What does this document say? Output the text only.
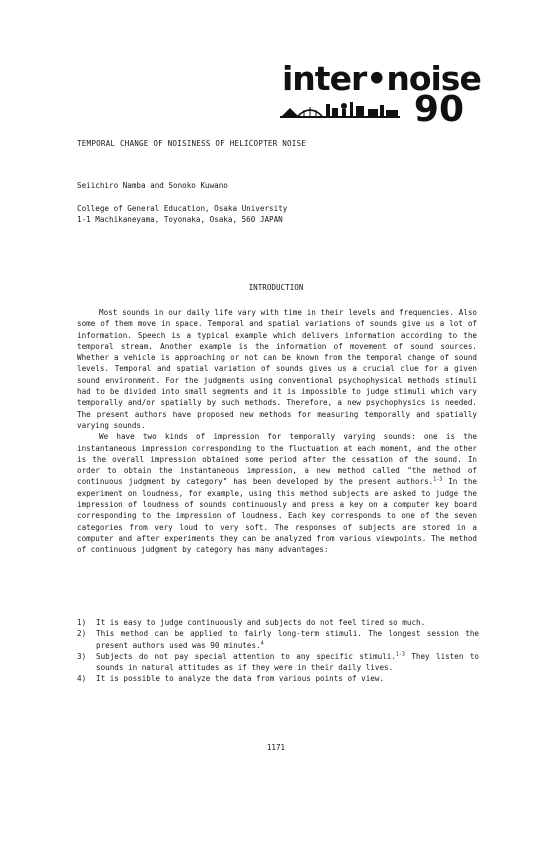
inter•noise
90
TEMPORAL CHANGE OF NOISINESS OF HELICOPTER NOISE
Seiichiro Namba and Sonoko Kuwano
College of General Education, Osaka University
1-1 Machikaneyama, Toyonaka, Osaka, 560 JAPAN
INTRODUCTION

Most sounds in our daily life vary with time in their levels and frequencies. Also some of them move in space. Temporal and spatial variations of sounds give us a lot of information. Speech is a typical example which delivers information according to the temporal stream. Another example is the information of movement of sound sources. Whether a vehicle is approaching or not can be known from the temporal change of sound levels. Temporal and spatial variation of sounds gives us a crucial clue for a given sound environment. For the judgments using conventional psychophysical methods stimuli had to be divided into small segments and it is impossible to judge stimuli which vary temporally and/or spatially by such methods. Therefore, a new psychophysics is needed. The present authors have proposed new methods for measuring temporally and spatially varying sounds.

We have two kinds of impression for temporally varying sounds: one is the instantaneous impression corresponding to the fluctuation at each moment, and the other is the overall impression obtained some period after the cessation of the sound. In order to obtain the instantaneous impression, a new method called "the method of continuous judgment by category" has been developed by the present authors.$^{1-3}$ In the experiment on loudness, for example, using this method subjects are asked to judge the impression of loudness of sounds continuously and press a key on a computer key board corresponding to the impression of loudness. Each key corresponds to one of the seven categories from very loud to very soft. The responses of subjects are stored in a computer and after experiments they can be analyzed from various viewpoints. The method of continuous judgment by category has many advantages:

1) It is easy to judge continuously and subjects do not feel tired so much.

2) This method can be applied to fairly long-term stimuli. The longest session the present authors used was 90 minutes.$^4$

3) Subjects do not pay special attention to any specific stimuli.$^{1-3}$ They listen to sounds in natural attitudes as if they were in their daily lives.

4) It is possible to analyze the data from various points of view.

1171
